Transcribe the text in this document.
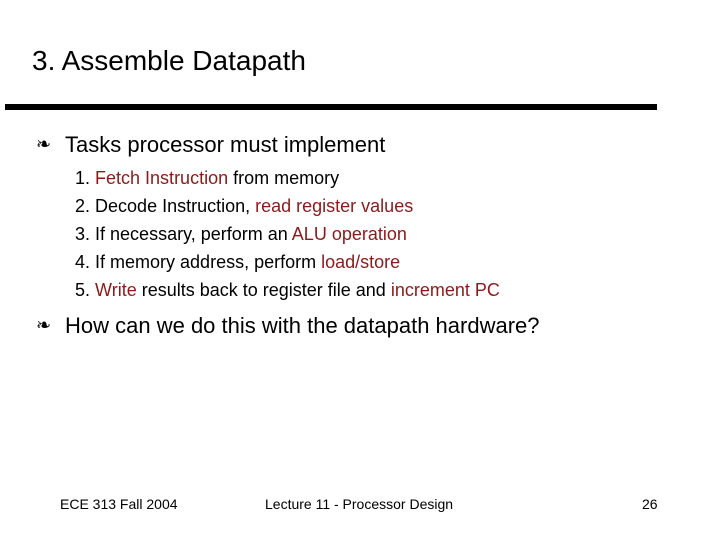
3. Assemble Datapath
❧ Tasks processor must implement
1. Fetch Instruction from memory
2. Decode Instruction, read register values
3. If necessary, perform an ALU operation
4. If memory address, perform load/store
5. Write results back to register file and increment PC
❧ How can we do this with the datapath hardware?
ECE 313 Fall 2004	Lecture 11 - Processor Design	26
